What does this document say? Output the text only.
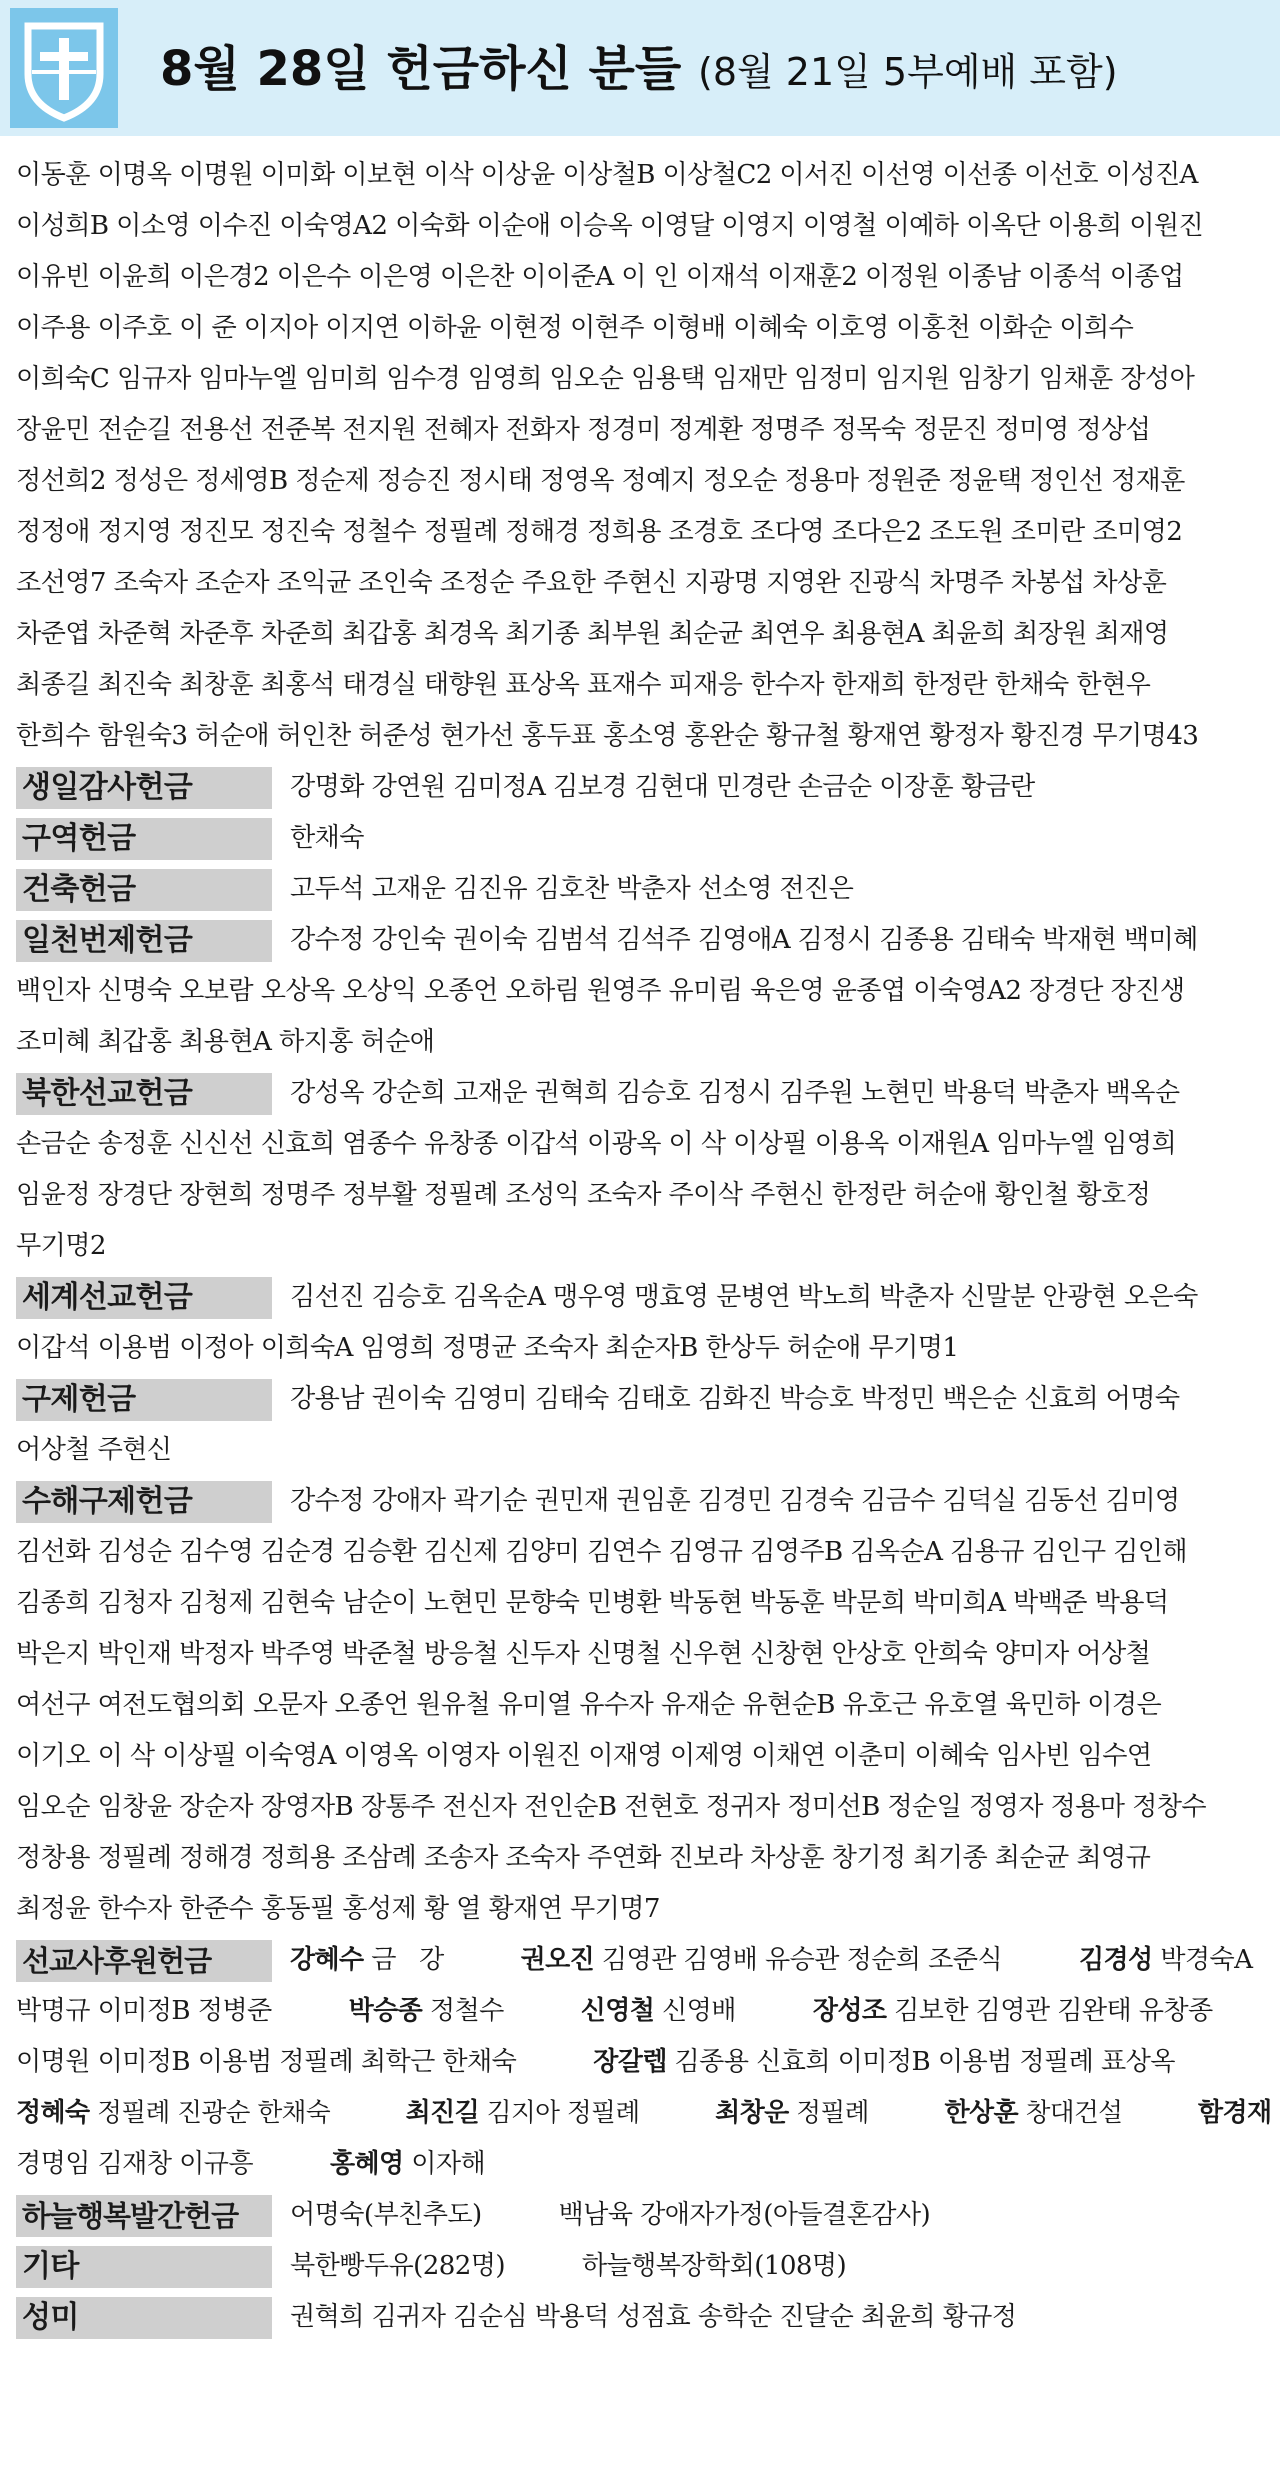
8월 28일 헌금하신 분들 (8월 21일 5부예배 포함)
이동훈 이명옥 이명원 이미화 이보현 이삭 이상윤 이상철B 이상철C2 이서진 이선영 이선종 이선호 이성진A
이성희B 이소영 이수진 이숙영A2 이숙화 이순애 이승옥 이영달 이영지 이영철 이예하 이옥단 이용희 이원진
이유빈 이윤희 이은경2 이은수 이은영 이은찬 이이준A 이 인 이재석 이재훈2 이정원 이종남 이종석 이종업
이주용 이주호 이 준 이지아 이지연 이하윤 이현정 이현주 이형배 이혜숙 이호영 이홍천 이화순 이희수
이희숙C 임규자 임마누엘 임미희 임수경 임영희 임오순 임용택 임재만 임정미 임지원 임창기 임채훈 장성아
장윤민 전순길 전용선 전준복 전지원 전혜자 전화자 정경미 정계환 정명주 정목숙 정문진 정미영 정상섭
정선희2 정성은 정세영B 정순제 정승진 정시태 정영옥 정예지 정오순 정용마 정원준 정윤택 정인선 정재훈
정정애 정지영 정진모 정진숙 정철수 정필례 정해경 정희용 조경호 조다영 조다은2 조도원 조미란 조미영2
조선영7 조숙자 조순자 조익균 조인숙 조정순 주요한 주현신 지광명 지영완 진광식 차명주 차봉섭 차상훈
차준엽 차준혁 차준후 차준희 최갑홍 최경옥 최기종 최부원 최순균 최연우 최용현A 최윤희 최장원 최재영
최종길 최진숙 최창훈 최홍석 태경실 태향원 표상옥 표재수 피재응 한수자 한재희 한정란 한채숙 한현우
한희수 함원숙3 허순애 허인찬 허준성 현가선 홍두표 홍소영 홍완순 황규철 황재연 황정자 황진경 무기명43
생일감사헌금	강명화 강연원 김미정A 김보경 김현대 민경란 손금순 이장훈 황금란
구역헌금	한채숙
건축헌금	고두석 고재운 김진유 김호찬 박춘자 선소영 전진은
일천번제헌금	강수정 강인숙 권이숙 김범석 김석주 김영애A 김정시 김종용 김태숙 박재현 백미혜
백인자 신명숙 오보람 오상옥 오상익 오종언 오하림 원영주 유미림 육은영 윤종엽 이숙영A2 장경단 장진생
조미혜 최갑홍 최용현A 하지홍 허순애
북한선교헌금	강성옥 강순희 고재운 권혁희 김승호 김정시 김주원 노현민 박용덕 박춘자 백옥순
손금순 송정훈 신신선 신효희 염종수 유창종 이갑석 이광옥 이 삭 이상필 이용옥 이재원A 임마누엘 임영희
임윤정 장경단 장현희 정명주 정부활 정필례 조성익 조숙자 주이삭 주현신 한정란 허순애 황인철 황호정
무기명2
세계선교헌금	김선진 김승호 김옥순A 맹우영 맹효영 문병연 박노희 박춘자 신말분 안광현 오은숙
이갑석 이용범 이정아 이희숙A 임영희 정명균 조숙자 최순자B 한상두 허순애 무기명1
구제헌금	강용남 권이숙 김영미 김태숙 김태호 김화진 박승호 박정민 백은순 신효희 어명숙
어상철 주현신
수해구제헌금	강수정 강애자 곽기순 권민재 권임훈 김경민 김경숙 김금수 김덕실 김동선 김미영
김선화 김성순 김수영 김순경 김승환 김신제 김양미 김연수 김영규 김영주B 김옥순A 김용규 김인구 김인해
김종희 김청자 김청제 김현숙 남순이 노현민 문향숙 민병환 박동현 박동훈 박문희 박미희A 박백준 박용덕
박은지 박인재 박정자 박주영 박준철 방응철 신두자 신명철 신우현 신창현 안상호 안희숙 양미자 어상철
여선구 여전도협의회 오문자 오종언 원유철 유미열 유수자 유재순 유현순B 유호근 유호열 육민하 이경은
이기오 이 삭 이상필 이숙영A 이영옥 이영자 이원진 이재영 이제영 이채연 이춘미 이혜숙 임사빈 임수연
임오순 임창윤 장순자 장영자B 장통주 전신자 전인순B 전현호 정귀자 정미선B 정순일 정영자 정용마 정창수
정창용 정필례 정해경 정희용 조삼례 조송자 조숙자 주연화 진보라 차상훈 창기정 최기종 최순균 최영규
최정윤 한수자 한준수 홍동필 홍성제 황 열 황재연 무기명7
선교사후원헌금	강혜수 금   강          권오진 김영관 김영배 유승관 정순희 조준식          김경성 박경숙A
박명규 이미정B 정병준          박승종 정철수          신영철 신영배          장성조 김보한 김영관 김완태 유창종
이명원 이미정B 이용범 정필례 최학근 한채숙          장갈렙 김종용 신효희 이미정B 이용범 정필례 표상옥
정혜숙 정필례 진광순 한채숙          최진길 김지아 정필례          최창운 정필례          한상훈 창대건설          함경재
경명임 김재창 이규흥          홍혜영 이자해
하늘행복발간헌금 어명숙(부친추도)          백남육 강애자가정(아들결혼감사)
기타	북한빵두유(282명)          하늘행복장학회(108명)
성미	권혁희 김귀자 김순심 박용덕 성점효 송학순 진달순 최윤희 황규정
